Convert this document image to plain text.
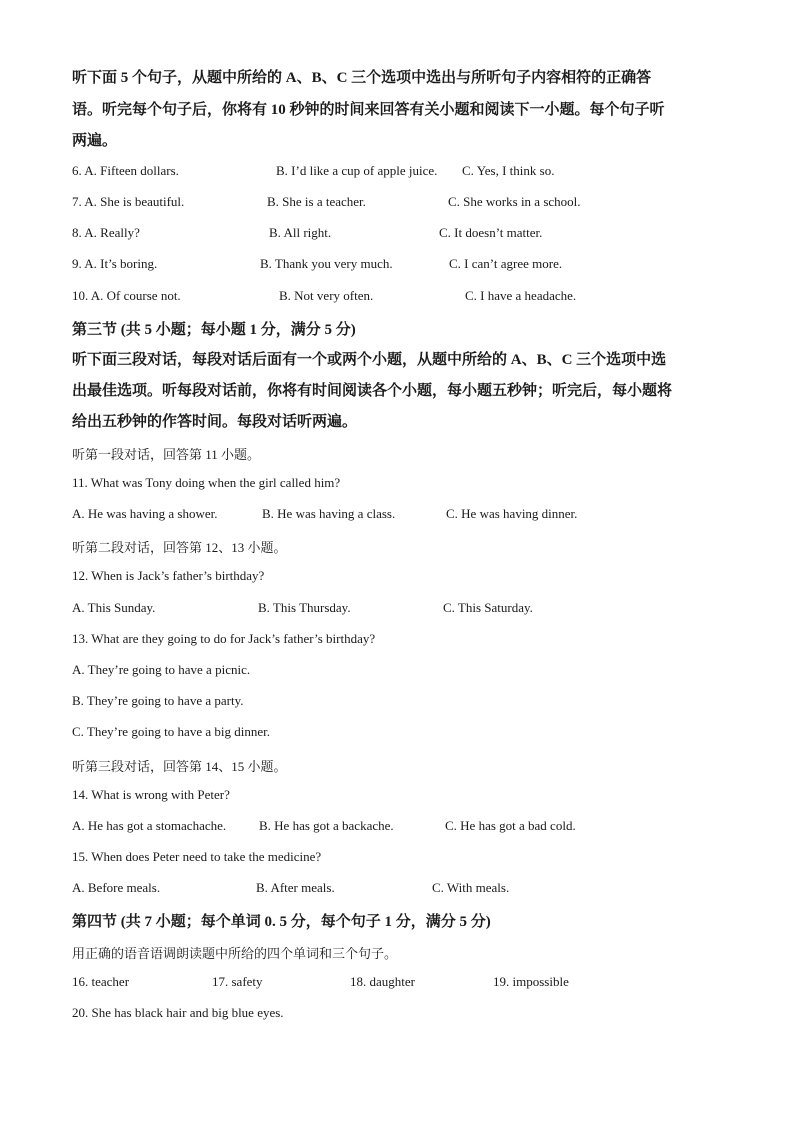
听下面 5 个句子，从题中所给的 A、B、C 三个选项中选出与所听句子内容相符的正确答
语。听完每个句子后，你将有 10 秒钟的时间来回答有关小题和阅读下一小题。每个句子听
两遍。
6. A. Fifteen dollars.	B. I’d like a cup of apple juice. C. Yes, I think so.
7. A. She is beautiful.	B. She is a teacher.	C. She works in a school.
8. A. Really?	B. All right.	C. It doesn’t matter.
9. A. It’s boring.	B. Thank you very much.	C. I can’t agree more.
10. A. Of course not.	B. Not very often.	C. I have a headache.
第三节 (共 5 小题；每小题 1 分，满分 5 分)
听下面三段对话，每段对话后面有一个或两个小题，从题中所给的 A、B、C 三个选项中选
出最佳选项。听每段对话前，你将有时间阅读各个小题，每小题五秒钟；听完后，每小题将
给出五秒钟的作答时间。每段对话听两遍。
听第一段对话，回答第 11 小题。
11. What was Tony doing when the girl called him?
A. He was having a shower.	B. He was having a class.	C. He was having dinner.
听第二段对话，回答第 12、13 小题。
12. When is Jack’s father’s birthday?
A. This Sunday.	B. This Thursday.	C. This Saturday.
13. What are they going to do for Jack’s father’s birthday?
A. They’re going to have a picnic.
B. They’re going to have a party.
C. They’re going to have a big dinner.
听第三段对话，回答第 14、15 小题。
14. What is wrong with Peter?
A. He has got a stomachache.	B. He has got a backache.	C. He has got a bad cold.
15. When does Peter need to take the medicine?
A. Before meals.	B. After meals.	C. With meals.
第四节 (共 7 小题；每个单词 0. 5 分，每个句子 1 分，满分 5 分)
用正确的语音语调朗读题中所给的四个单词和三个句子。
16. teacher	17. safety	18. daughter	19. impossible
20. She has black hair and big blue eyes.
